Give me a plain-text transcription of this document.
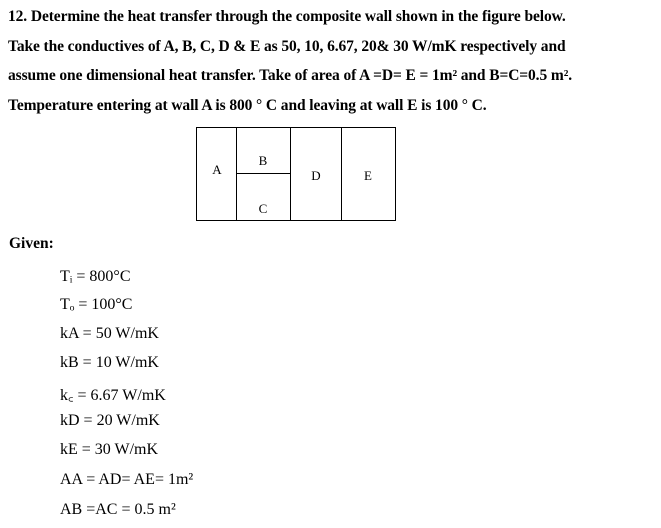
12. Determine the heat transfer through the composite wall shown in the figure below.
Take the conductives of A, B, C, D & E as 50, 10, 6.67, 20& 30 W/mK respectively and
assume one dimensional heat transfer. Take of area of A =D= E = 1m² and B=C=0.5 m².
Temperature entering at wall A is 800 ° C and leaving at wall E is 100 ° C.
A
B
C
D	E
Given:
Tᵢ = 800°C
Tₒ = 100°C
kA = 50 W/mK
kB = 10 W/mK
k꜀ = 6.67 W/mK
kD = 20 W/mK
kE = 30 W/mK
AA = AD= AE= 1m²
AB =AC = 0.5 m²
